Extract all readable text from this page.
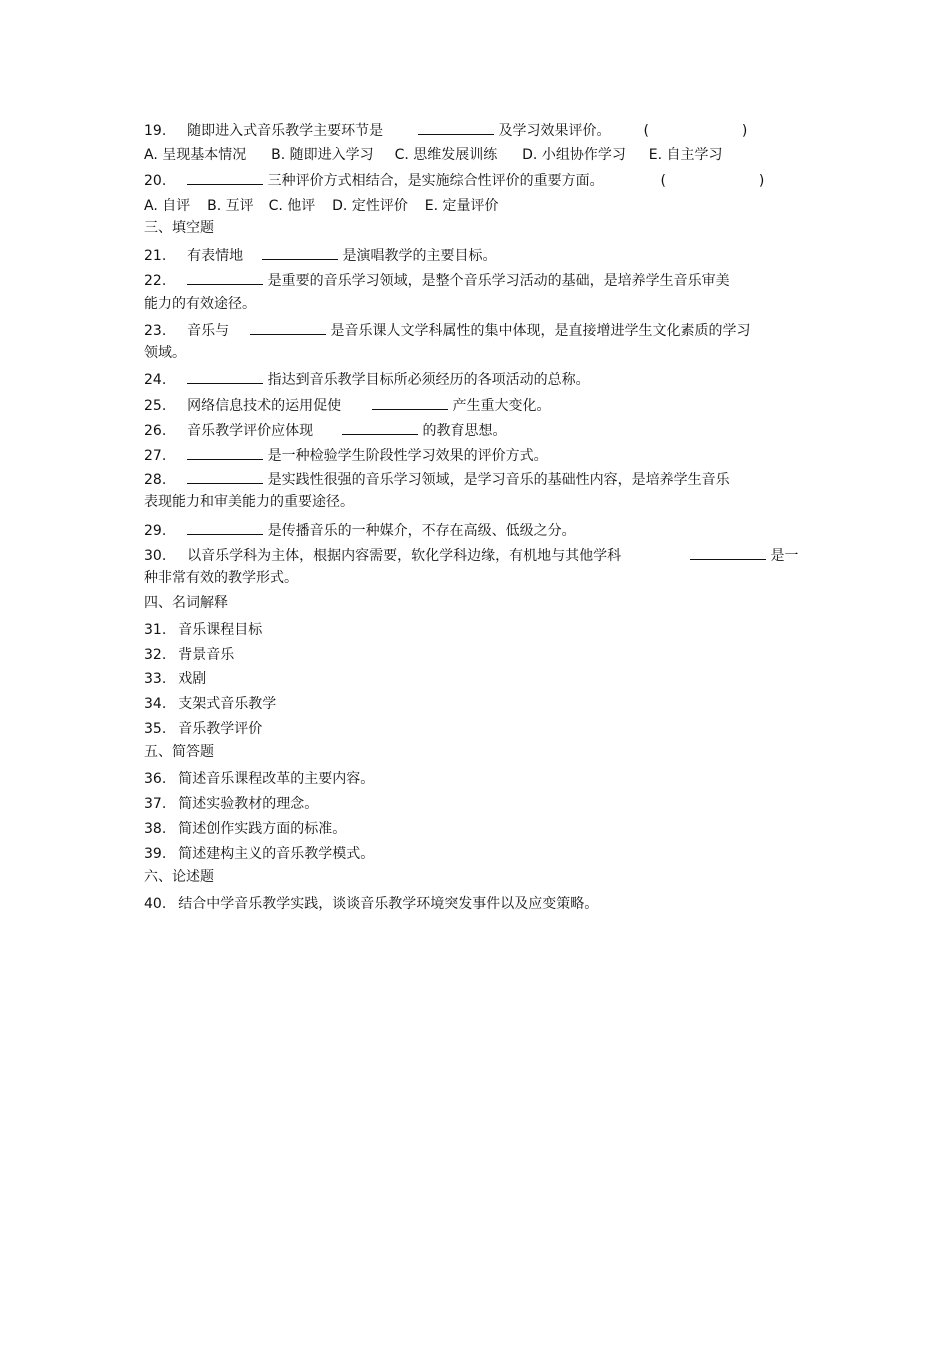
19. 随即进入式音乐教学主要环节是	及学习效果评价。 (	)
A. 呈现基本情况 B. 随即进入学习 C. 思维发展训练 D. 小组协作学习 E. 自主学习
20.	三种评价方式相结合，是实施综合性评价的重要方面。	(	)
A. 自评 B. 互评 C. 他评 D. 定性评价 E. 定量评价
三、填空题
21. 有表情地	是演唱教学的主要目标。
22.	是重要的音乐学习领域，是整个音乐学习活动的基础，是培养学生音乐审美
能力的有效途径。
23. 音乐与	是音乐课人文学科属性的集中体现，是直接增进学生文化素质的学习
领域。
24.	指达到音乐教学目标所必须经历的各项活动的总称。
25. 网络信息技术的运用促使	产生重大变化。
26. 音乐教学评价应体现	的教育思想。
27.	是一种检验学生阶段性学习效果的评价方式。
28.	是实践性很强的音乐学习领域，是学习音乐的基础性内容，是培养学生音乐
表现能力和审美能力的重要途径。
29.	是传播音乐的一种媒介，不存在高级、低级之分。
30. 以音乐学科为主体，根据内容需要，软化学科边缘，有机地与其他学科	是一
种非常有效的教学形式。
四、名词解释
31. 音乐课程目标
32. 背景音乐
33. 戏剧
34. 支架式音乐教学
35. 音乐教学评价
五、简答题
36. 简述音乐课程改革的主要内容。
37. 简述实验教材的理念。
38. 简述创作实践方面的标准。
39. 简述建构主义的音乐教学模式。
六、论述题
40. 结合中学音乐教学实践，谈谈音乐教学环境突发事件以及应变策略。
